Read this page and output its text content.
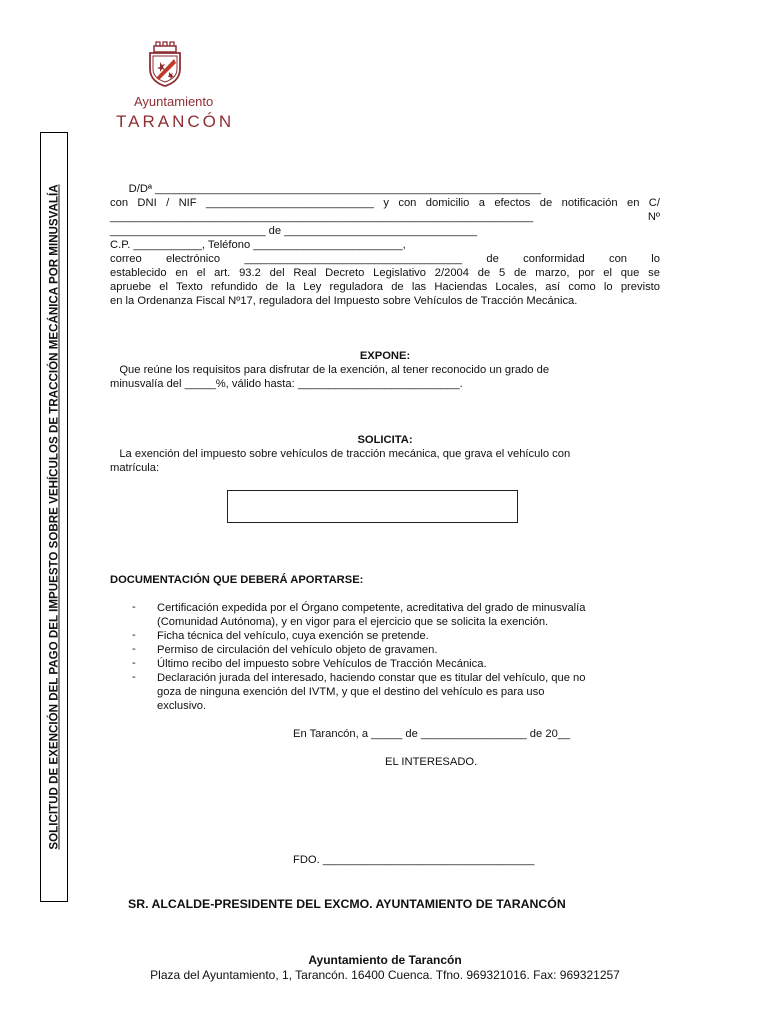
Ayuntamiento
TARANCÓN
SOLICITUD DE EXENCIÓN DEL PAGO DEL IMPUESTO SOBRE VEHÍCULOS DE TRACCIÓN MECÁNICA POR MINUSVALÍA	D/Dª ______________________________________________________________
con DNI / NIF ___________________________ y con domicilio a efectos de notificación en C/
____________________________________________________________________ Nº
_________________________ de _______________________________
C.P. ___________, Teléfono ________________________,
correo electrónico ___________________________________ de conformidad con lo
establecido en el art. 93.2 del Real Decreto Legislativo 2/2004 de 5 de marzo, por el que se
apruebe el Texto refundido de la Ley reguladora de las Haciendas Locales, así como lo previsto
en la Ordenanza Fiscal Nº17, reguladora del Impuesto sobre Vehículos de Tracción Mecánica.
EXPONE:
Que reúne los requisitos para disfrutar de la exención, al tener reconocido un grado de
minusvalía del _____%, válido hasta: __________________________.
SOLICITA:
La exención del impuesto sobre vehículos de tracción mecánica, que grava el vehículo con
matrícula:
DOCUMENTACIÓN QUE DEBERÁ APORTARSE:
- Certificación expedida por el Órgano competente, acreditativa del grado de minusvalía
(Comunidad Autónoma), y en vigor para el ejercicio que se solicita la exención.
- Ficha técnica del vehículo, cuya exención se pretende.
- Permiso de circulación del vehículo objeto de gravamen.
- Último recibo del impuesto sobre Vehículos de Tracción Mecánica.
- Declaración jurada del interesado, haciendo constar que es titular del vehículo, que no
goza de ninguna exención del IVTM, y que el destino del vehículo es para uso
exclusivo.
En Tarancón, a _____ de _________________ de 20__
EL INTERESADO.
FDO. __________________________________
SR. ALCALDE-PRESIDENTE DEL EXCMO. AYUNTAMIENTO DE TARANCÓN
Ayuntamiento de Tarancón
Plaza del Ayuntamiento, 1, Tarancón. 16400 Cuenca. Tfno. 969321016. Fax: 969321257
